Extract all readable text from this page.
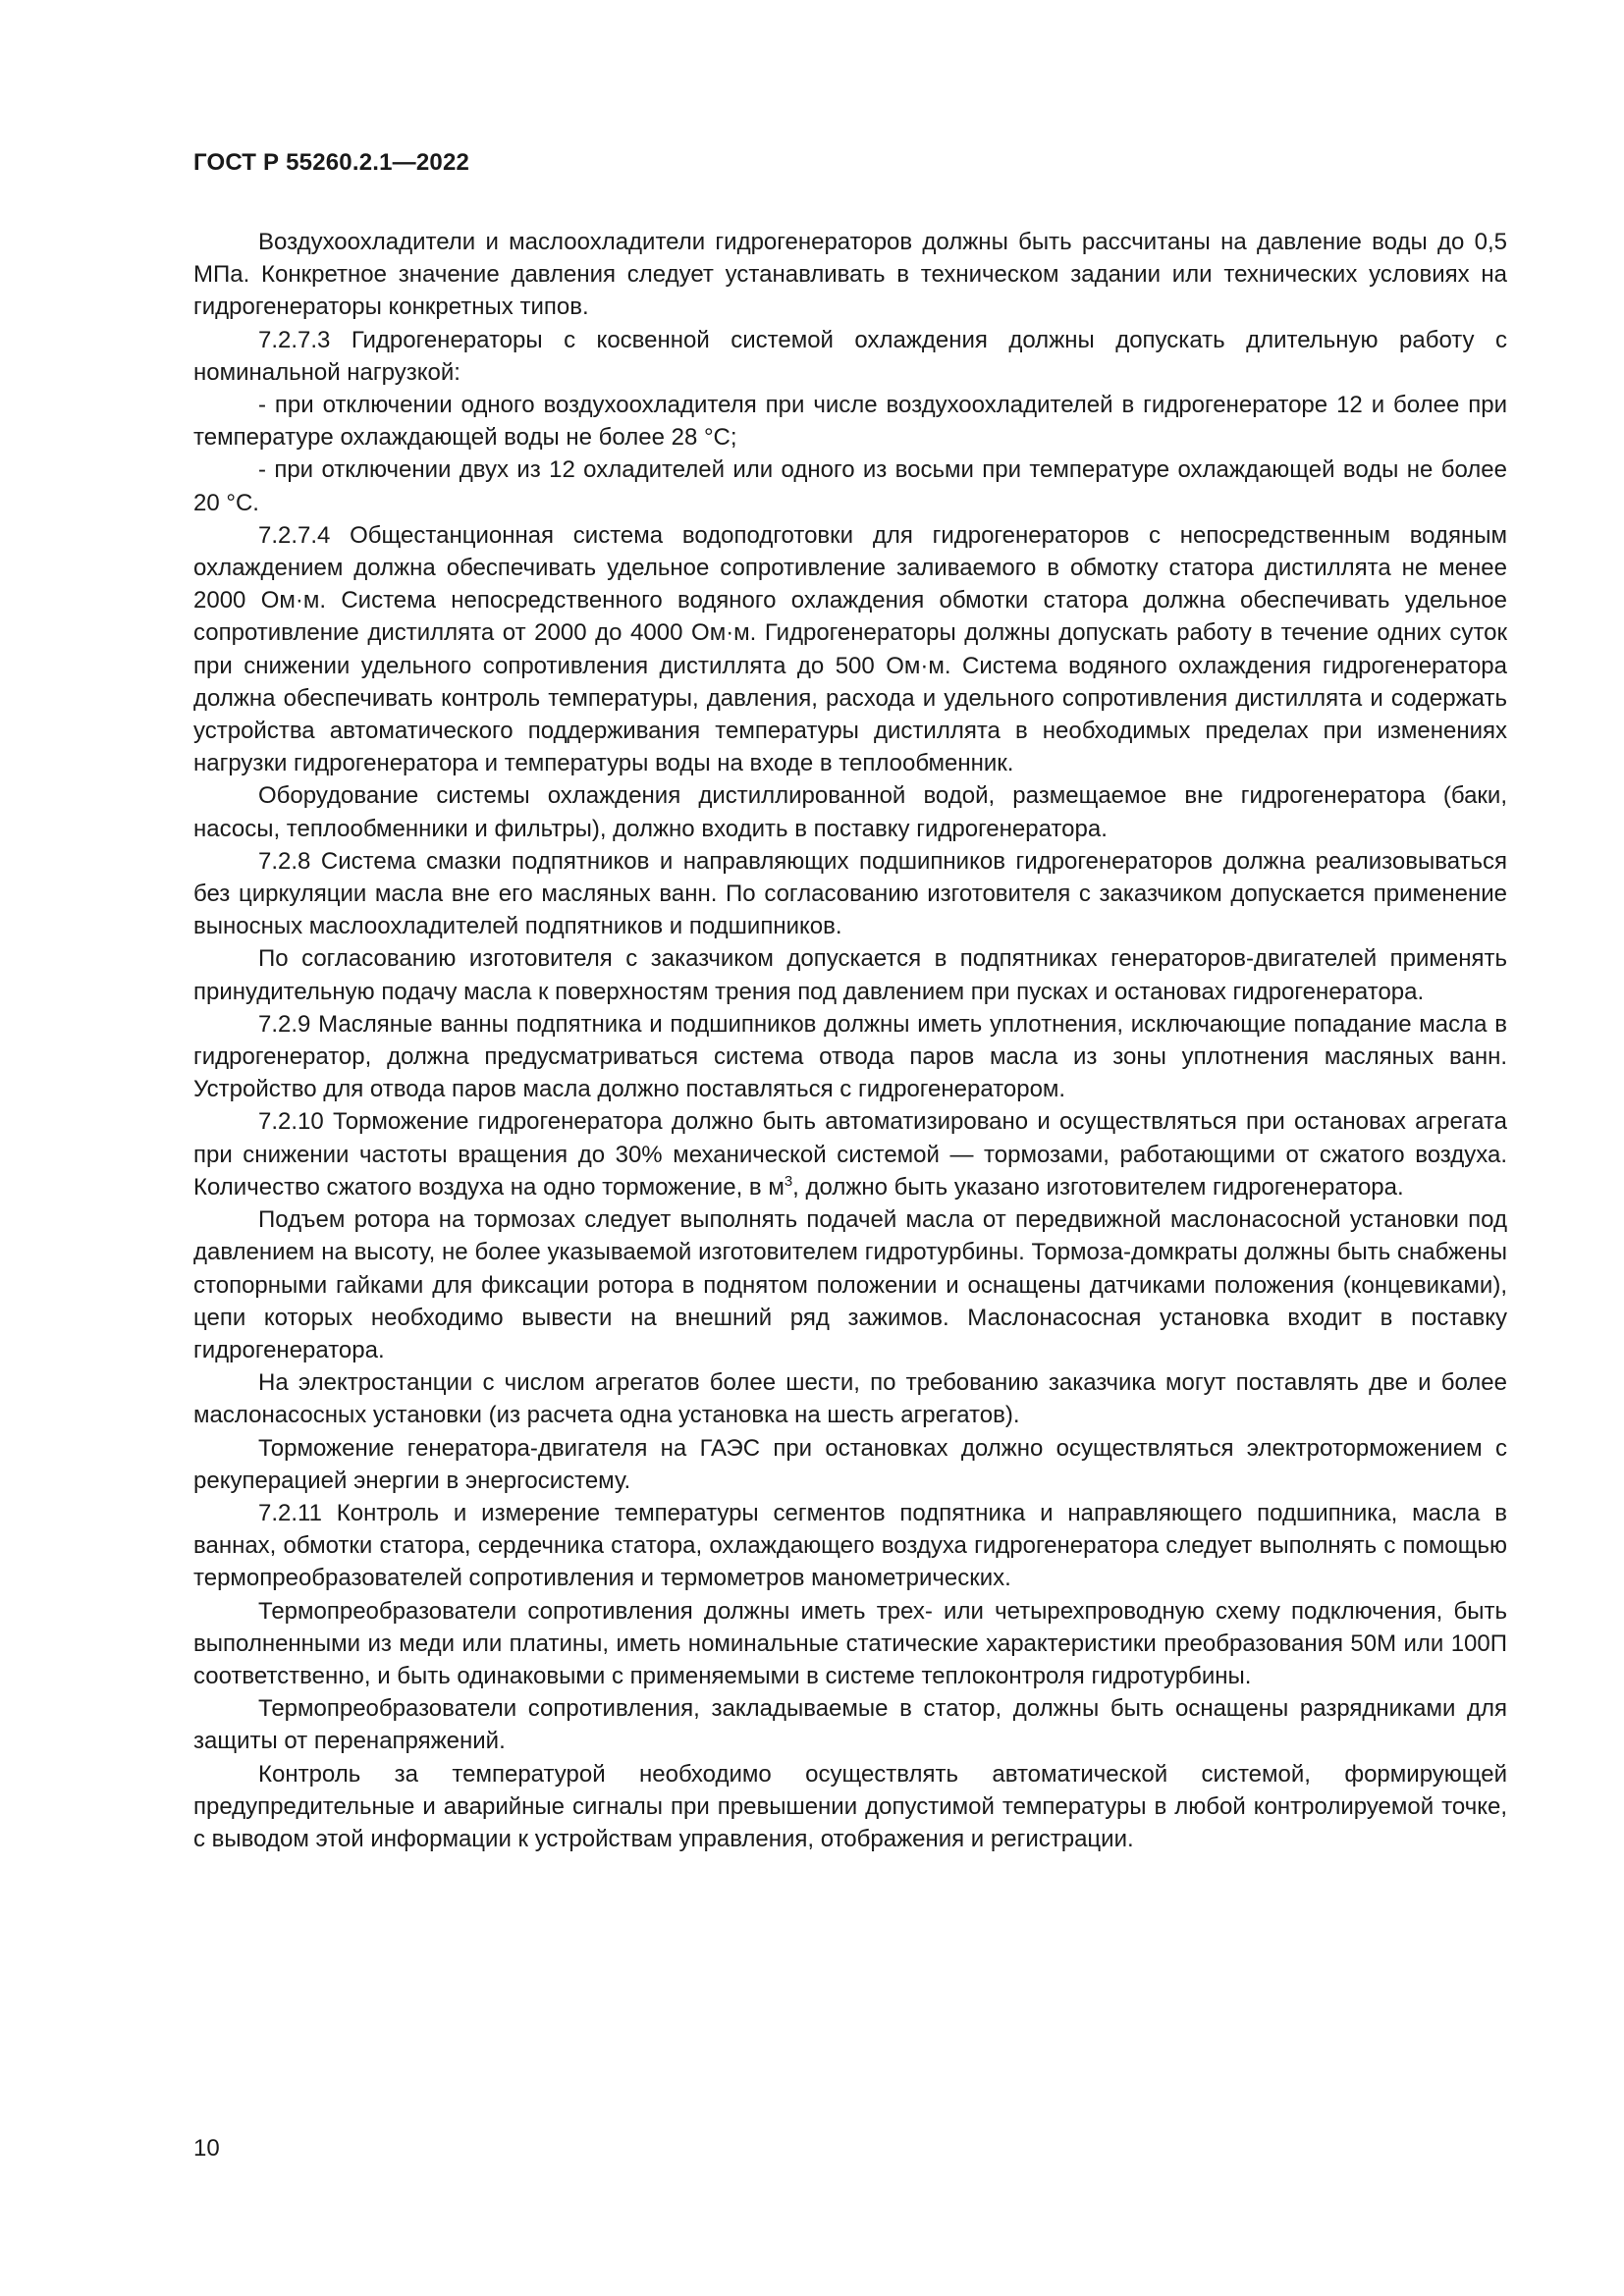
ГОСТ Р 55260.2.1—2022

Воздухоохладители и маслоохладители гидрогенераторов должны быть рассчитаны на давление воды до 0,5 МПа. Конкретное значение давления следует устанавливать в техническом задании или технических условиях на гидрогенераторы конкретных типов.

7.2.7.3 Гидрогенераторы с косвенной системой охлаждения должны допускать длительную работу с номинальной нагрузкой:

- при отключении одного воздухоохладителя при числе воздухоохладителей в гидрогенераторе 12 и более при температуре охлаждающей воды не более 28 °С;

- при отключении двух из 12 охладителей или одного из восьми при температуре охлаждающей воды не более 20 °С.

7.2.7.4 Общестанционная система водоподготовки для гидрогенераторов с непосредственным водяным охлаждением должна обеспечивать удельное сопротивление заливаемого в обмотку статора дистиллята не менее 2000 Ом·м. Система непосредственного водяного охлаждения обмотки статора должна обеспечивать удельное сопротивление дистиллята от 2000 до 4000 Ом·м. Гидрогенераторы должны допускать работу в течение одних суток при снижении удельного сопротивления дистиллята до 500 Ом·м. Система водяного охлаждения гидрогенератора должна обеспечивать контроль температуры, давления, расхода и удельного сопротивления дистиллята и содержать устройства автоматического поддерживания температуры дистиллята в необходимых пределах при изменениях нагрузки гидрогенератора и температуры воды на входе в теплообменник.

Оборудование системы охлаждения дистиллированной водой, размещаемое вне гидрогенератора (баки, насосы, теплообменники и фильтры), должно входить в поставку гидрогенератора.

7.2.8 Система смазки подпятников и направляющих подшипников гидрогенераторов должна реализовываться без циркуляции масла вне его масляных ванн. По согласованию изготовителя с заказчиком допускается применение выносных маслоохладителей подпятников и подшипников.

По согласованию изготовителя с заказчиком допускается в подпятниках генераторов-двигателей применять принудительную подачу масла к поверхностям трения под давлением при пусках и остановах гидрогенератора.

7.2.9 Масляные ванны подпятника и подшипников должны иметь уплотнения, исключающие попадание масла в гидрогенератор, должна предусматриваться система отвода паров масла из зоны уплотнения масляных ванн. Устройство для отвода паров масла должно поставляться с гидрогенератором.

7.2.10 Торможение гидрогенератора должно быть автоматизировано и осуществляться при остановах агрегата при снижении частоты вращения до 30% механической системой — тормозами, работающими от сжатого воздуха. Количество сжатого воздуха на одно торможение, в $м^3$, должно быть указано изготовителем гидрогенератора.

Подъем ротора на тормозах следует выполнять подачей масла от передвижной маслонасосной установки под давлением на высоту, не более указываемой изготовителем гидротурбины. Тормоза-домкраты должны быть снабжены стопорными гайками для фиксации ротора в поднятом положении и оснащены датчиками положения (концевиками), цепи которых необходимо вывести на внешний ряд зажимов. Маслонасосная установка входит в поставку гидрогенератора.

На электростанции с числом агрегатов более шести, по требованию заказчика могут поставлять две и более маслонасосных установки (из расчета одна установка на шесть агрегатов).

Торможение генератора-двигателя на ГАЭС при остановках должно осуществляться электроторможением с рекуперацией энергии в энергосистему.

7.2.11 Контроль и измерение температуры сегментов подпятника и направляющего подшипника, масла в ваннах, обмотки статора, сердечника статора, охлаждающего воздуха гидрогенератора следует выполнять с помощью термопреобразователей сопротивления и термометров манометрических.

Термопреобразователи сопротивления должны иметь трех- или четырехпроводную схему подключения, быть выполненными из меди или платины, иметь номинальные статические характеристики преобразования 50М или 100П соответственно, и быть одинаковыми с применяемыми в системе теплоконтроля гидротурбины.

Термопреобразователи сопротивления, закладываемые в статор, должны быть оснащены разрядниками для защиты от перенапряжений.

Контроль за температурой необходимо осуществлять автоматической системой, формирующей предупредительные и аварийные сигналы при превышении допустимой температуры в любой контролируемой точке, с выводом этой информации к устройствам управления, отображения и регистрации.

10
